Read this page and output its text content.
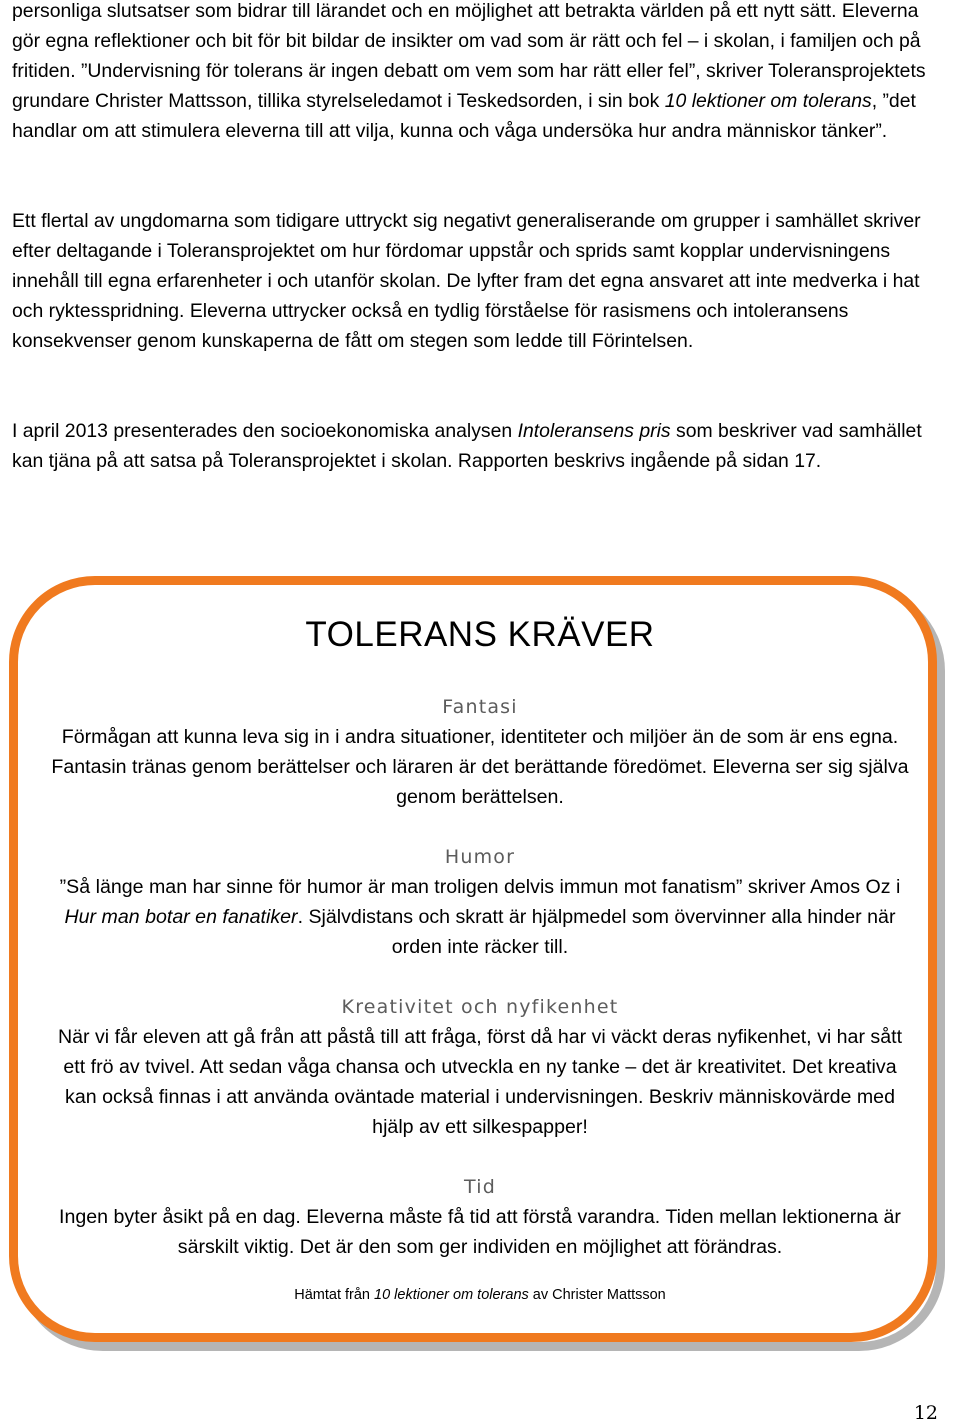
personliga slutsatser som bidrar till lärandet och en möjlighet att betrakta världen på ett nytt sätt. Eleverna gör egna reflektioner och bit för bit bildar de insikter om vad som är rätt och fel – i skolan, i familjen och på fritiden. ”Undervisning för tolerans är ingen debatt om vem som har rätt eller fel”, skriver Toleransprojektets grundare Christer Mattsson, tillika styrelseledamot i Teskedsorden, i sin bok 10 lektioner om tolerans, ”det handlar om att stimulera eleverna till att vilja, kunna och våga undersöka hur andra människor tänker”.

Ett flertal av ungdomarna som tidigare uttryckt sig negativt generaliserande om grupper i samhället skriver efter deltagande i Toleransprojektet om hur fördomar uppstår och sprids samt kopplar undervisningens innehåll till egna erfarenheter i och utanför skolan. De lyfter fram det egna ansvaret att inte medverka i hat och ryktesspridning. Eleverna uttrycker också en tydlig förståelse för rasismens och intoleransens konsekvenser genom kunskaperna de fått om stegen som ledde till Förintelsen.

I april 2013 presenterades den socioekonomiska analysen Intoleransens pris som beskriver vad samhället kan tjäna på att satsa på Toleransprojektet i skolan. Rapporten beskrivs ingående på sidan 17.

TOLERANS KRÄVER
Fantasi

Förmågan att kunna leva sig in i andra situationer, identiteter och miljöer än de som är ens egna. Fantasin tränas genom berättelser och läraren är det berättande föredömet. Eleverna ser sig själva genom berättelsen.

Humor

”Så länge man har sinne för humor är man troligen delvis immun mot fanatism” skriver Amos Oz i Hur man botar en fanatiker. Självdistans och skratt är hjälpmedel som övervinner alla hinder när orden inte räcker till.

Kreativitet och nyfikenhet

När vi får eleven att gå från att påstå till att fråga, först då har vi väckt deras nyfikenhet, vi har sått ett frö av tvivel. Att sedan våga chansa och utveckla en ny tanke – det är kreativitet. Det kreativa kan också finnas i att använda oväntade material i undervisningen. Beskriv människovärde med hjälp av ett silkespapper!

Tid

Ingen byter åsikt på en dag. Eleverna måste få tid att förstå varandra. Tiden mellan lektionerna är särskilt viktig. Det är den som ger individen en möjlighet att förändras.

Hämtat från 10 lektioner om tolerans av Christer Mattsson
12
